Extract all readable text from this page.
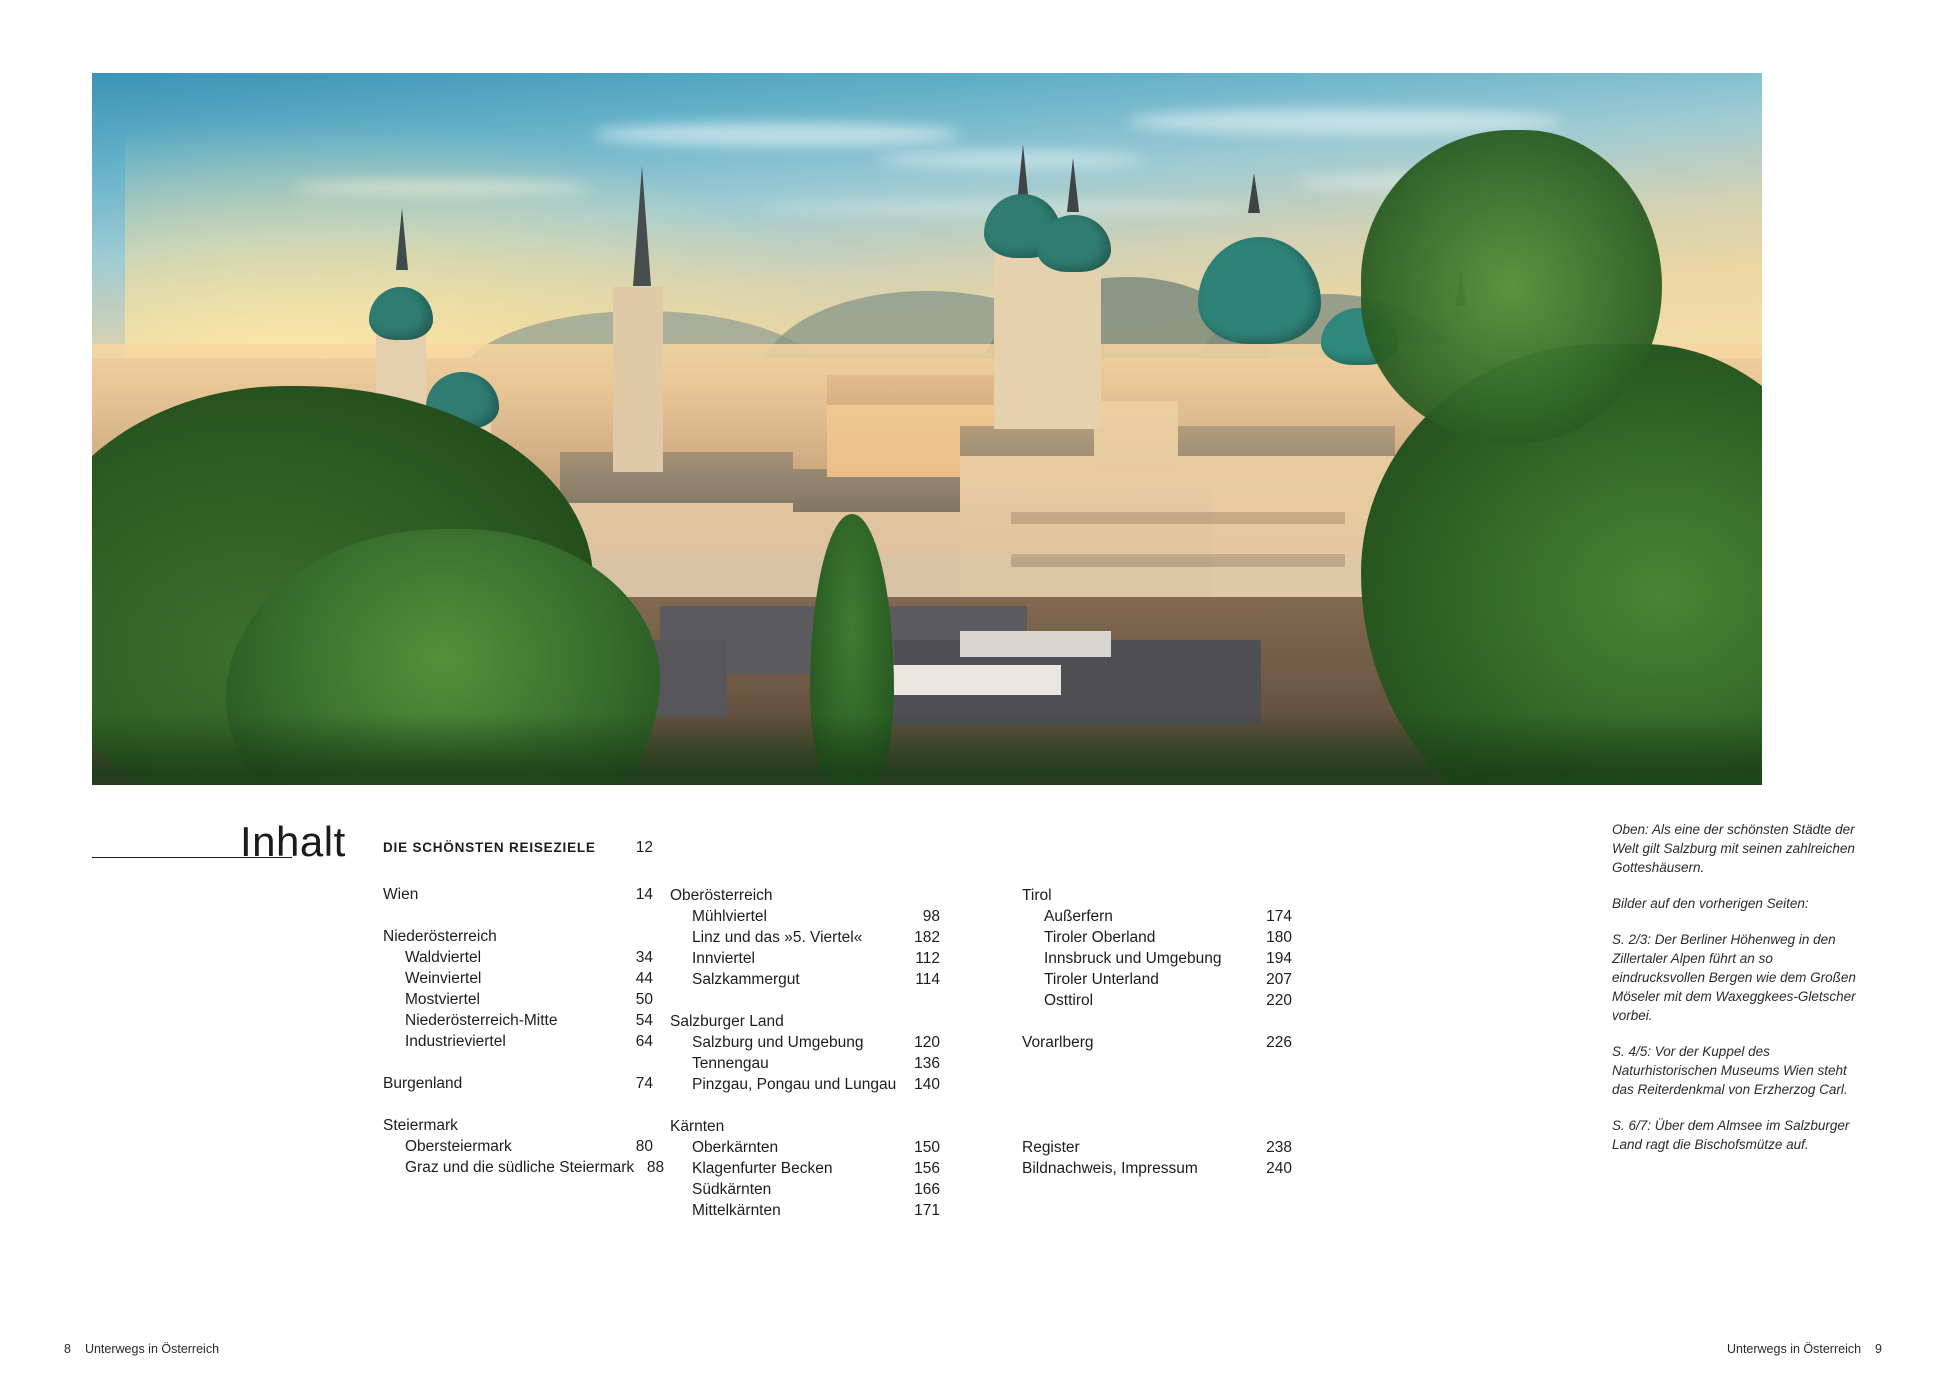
Inhalt	DIE SCHÖNSTEN REISEZIELE	12
Wien	14
Niederösterreich
Waldviertel	34
Weinviertel	44
Mostviertel	50
Niederösterreich-Mitte	54
Industrieviertel	64
Burgenland	74
Steiermark
Obersteiermark	80
Graz und die südliche Steiermark 88
Oberösterreich
Mühlviertel	98
Linz und das »5. Viertel«	182
Innviertel	112
Salzkammergut	114
Salzburger Land
Salzburg und Umgebung	120
Tennengau	136
Pinzgau, Pongau und Lungau 140
Kärnten
Oberkärnten	150
Klagenfurter Becken	156
Südkärnten	166
Mittelkärnten	171
Tirol
Außerfern	174
Tiroler Oberland	180
Innsbruck und Umgebung	194
Tiroler Unterland	207
Osttirol	220
Vorarlberg	226
Register	238
Bildnachweis, Impressum	240

Oben: Als eine der schönsten Städte der Welt gilt Salzburg mit seinen zahlreichen Gotteshäusern.

Bilder auf den vorherigen Seiten:

S. 2/3: Der Berliner Höhenweg in den Zillertaler Alpen führt an so eindrucksvollen Bergen wie dem Großen Möseler mit dem Waxeggkees-Gletscher vorbei.

S. 4/5: Vor der Kuppel des Naturhistorischen Museums Wien steht das Reiterdenkmal von Erzherzog Carl.

S. 6/7: Über dem Almsee im Salzburger Land ragt die Bischofsmütze auf.

8 Unterwegs in Österreich	Unterwegs in Österreich 9
